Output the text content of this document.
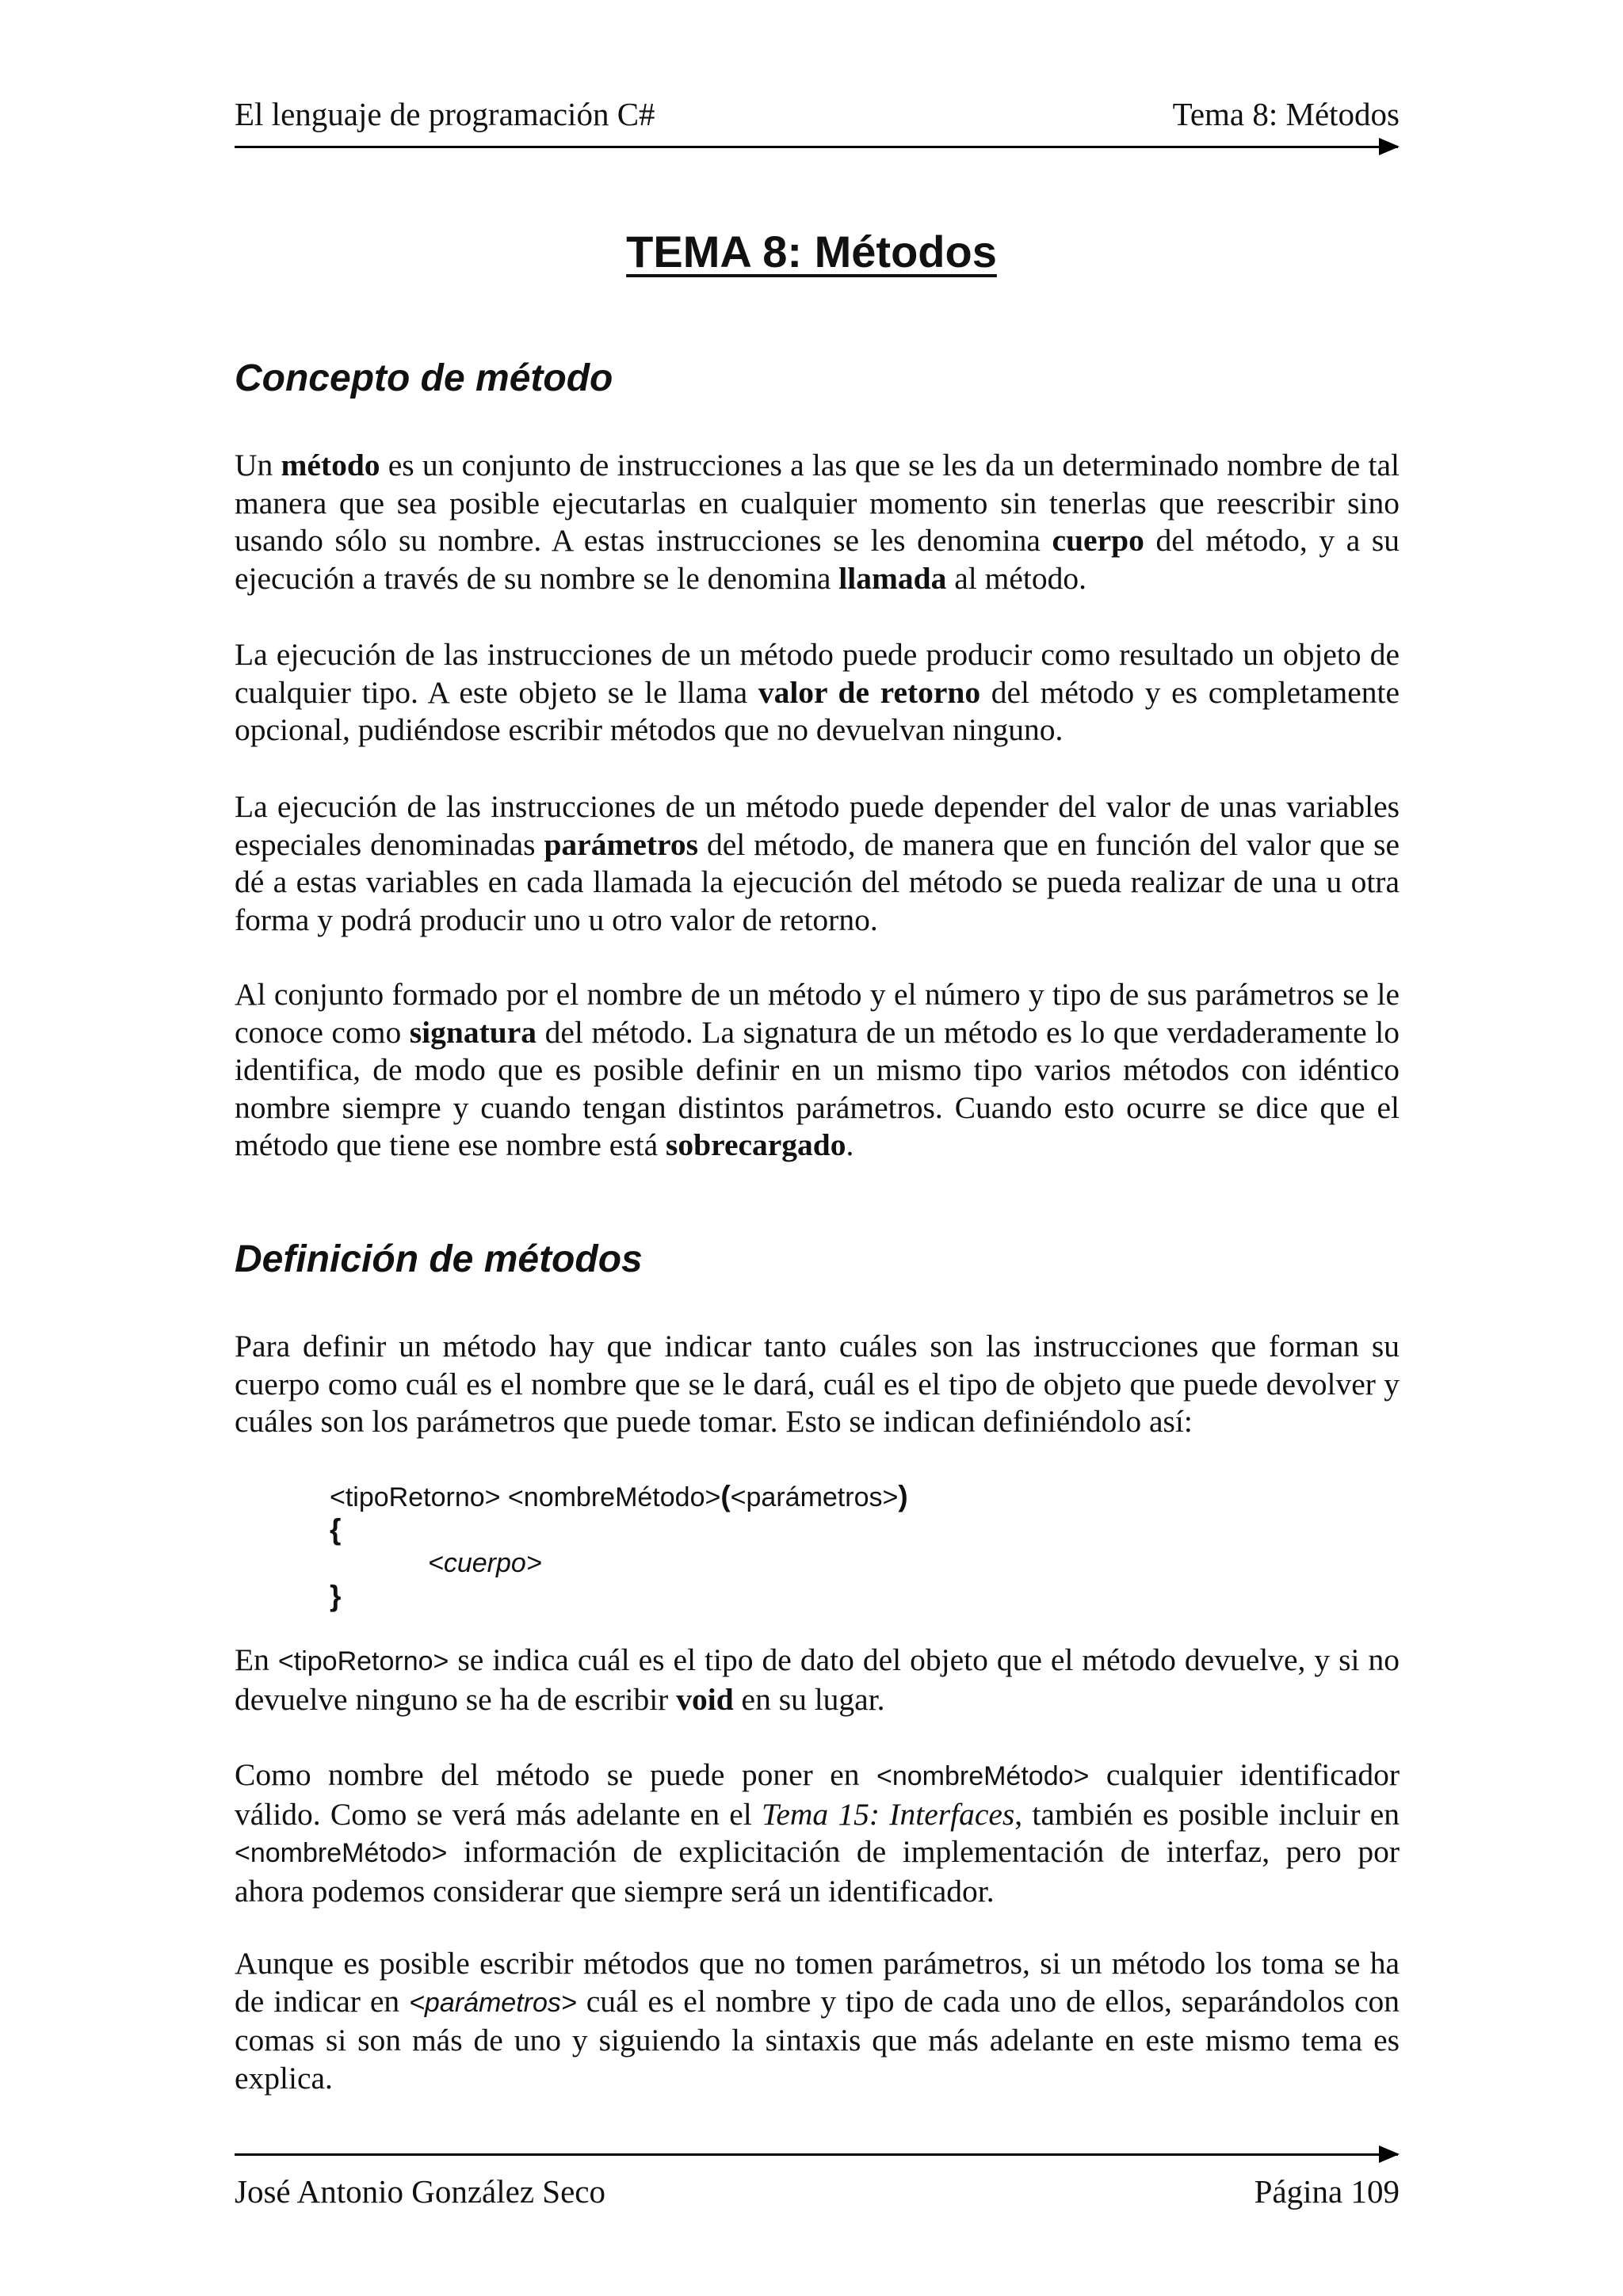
El lenguaje de programación C#	Tema 8: Métodos
TEMA 8: Métodos
Concepto de método

Un método es un conjunto de instrucciones a las que se les da un determinado nombre de tal manera que sea posible ejecutarlas en cualquier momento sin tenerlas que reescribir sino usando sólo su nombre. A estas instrucciones se les denomina cuerpo del método, y a su ejecución a través de su nombre se le denomina llamada al método.

La ejecución de las instrucciones de un método puede producir como resultado un objeto de cualquier tipo. A este objeto se le llama valor de retorno del método y es completamente opcional, pudiéndose escribir métodos que no devuelvan ninguno.

La ejecución de las instrucciones de un método puede depender del valor de unas variables especiales denominadas parámetros del método, de manera que en función del valor que se dé a estas variables en cada llamada la ejecución del método se pueda realizar de una u otra forma y podrá producir uno u otro valor de retorno.

Al conjunto formado por el nombre de un método y el número y tipo de sus parámetros se le conoce como signatura del método. La signatura de un método es lo que verdaderamente lo identifica, de modo que es posible definir en un mismo tipo varios métodos con idéntico nombre siempre y cuando tengan distintos parámetros. Cuando esto ocurre se dice que el método que tiene ese nombre está sobrecargado.

Definición de métodos

Para definir un método hay que indicar tanto cuáles son las instrucciones que forman su cuerpo como cuál es el nombre que se le dará, cuál es el tipo de objeto que puede devolver y cuáles son los parámetros que puede tomar. Esto se indican definiéndolo así:

<tipoRetorno> <nombreMétodo>(<parámetros>)
{
<cuerpo>
}

En <tipoRetorno> se indica cuál es el tipo de dato del objeto que el método devuelve, y si no devuelve ninguno se ha de escribir void en su lugar.

Como nombre del método se puede poner en <nombreMétodo> cualquier identificador válido. Como se verá más adelante en el Tema 15: Interfaces, también es posible incluir en <nombreMétodo> información de explicitación de implementación de interfaz, pero por ahora podemos considerar que siempre será un identificador.

Aunque es posible escribir métodos que no tomen parámetros, si un método los toma se ha de indicar en <parámetros> cuál es el nombre y tipo de cada uno de ellos, separándolos con comas si son más de uno y siguiendo la sintaxis que más adelante en este mismo tema es explica.

José Antonio González Seco	Página 109
